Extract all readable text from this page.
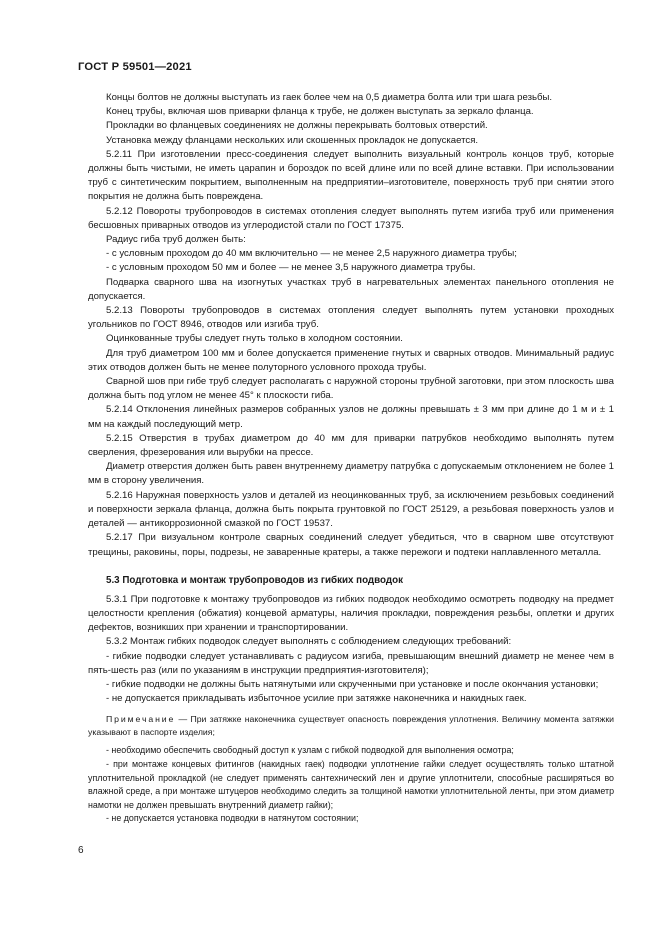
ГОСТ Р 59501—2021

Концы болтов не должны выступать из гаек более чем на 0,5 диаметра болта или три шага резьбы.

Конец трубы, включая шов приварки фланца к трубе, не должен выступать за зеркало фланца.

Прокладки во фланцевых соединениях не должны перекрывать болтовых отверстий.

Установка между фланцами нескольких или скошенных прокладок не допускается.

5.2.11 При изготовлении пресс-соединения следует выполнить визуальный контроль концов труб, которые должны быть чистыми, не иметь царапин и бороздок по всей длине или по всей длине вставки. При использовании труб с синтетическим покрытием, выполненным на предприятии–изготовителе, поверхность труб при снятии этого покрытия не должна быть повреждена.

5.2.12 Повороты трубопроводов в системах отопления следует выполнять путем изгиба труб или применения бесшовных приварных отводов из углеродистой стали по ГОСТ 17375.

Радиус гиба труб должен быть:

- с условным проходом до 40 мм включительно — не менее 2,5 наружного диаметра трубы;

- с условным проходом 50 мм и более — не менее 3,5 наружного диаметра трубы.

Подварка сварного шва на изогнутых участках труб в нагревательных элементах панельного отопления не допускается.

5.2.13 Повороты трубопроводов в системах отопления следует выполнять путем установки проходных угольников по ГОСТ 8946, отводов или изгиба труб.

Оцинкованные трубы следует гнуть только в холодном состоянии.

Для труб диаметром 100 мм и более допускается применение гнутых и сварных отводов. Минимальный радиус этих отводов должен быть не менее полуторного условного прохода трубы.

Сварной шов при гибе труб следует располагать с наружной стороны трубной заготовки, при этом плоскость шва должна быть под углом не менее 45° к плоскости гиба.

5.2.14 Отклонения линейных размеров собранных узлов не должны превышать ± 3 мм при длине до 1 м и ± 1 мм на каждый последующий метр.

5.2.15 Отверстия в трубах диаметром до 40 мм для приварки патрубков необходимо выполнять путем сверления, фрезерования или вырубки на прессе.

Диаметр отверстия должен быть равен внутреннему диаметру патрубка с допускаемым отклонением не более 1 мм в сторону увеличения.

5.2.16 Наружная поверхность узлов и деталей из неоцинкованных труб, за исключением резьбовых соединений и поверхности зеркала фланца, должна быть покрыта грунтовкой по ГОСТ 25129, а резьбовая поверхность узлов и деталей — антикоррозионной смазкой по ГОСТ 19537.

5.2.17 При визуальном контроле сварных соединений следует убедиться, что в сварном шве отсутствуют трещины, раковины, поры, подрезы, не заваренные кратеры, а также пережоги и подтеки наплавленного металла.

5.3 Подготовка и монтаж трубопроводов из гибких подводок

5.3.1 При подготовке к монтажу трубопроводов из гибких подводок необходимо осмотреть подводку на предмет целостности крепления (обжатия) концевой арматуры, наличия прокладки, повреждения резьбы, оплетки и других дефектов, возникших при хранении и транспортировании.

5.3.2 Монтаж гибких подводок следует выполнять с соблюдением следующих требований:

- гибкие подводки следует устанавливать с радиусом изгиба, превышающим внешний диаметр не менее чем в пять-шесть раз (или по указаниям в инструкции предприятия-изготовителя);

- гибкие подводки не должны быть натянутыми или скрученными при установке и после окончания установки;

- не допускается прикладывать избыточное усилие при затяжке наконечника и накидных гаек.

Примечание — При затяжке наконечника существует опасность повреждения уплотнения. Величину момента затяжки указывают в паспорте изделия;

- необходимо обеспечить свободный доступ к узлам с гибкой подводкой для выполнения осмотра;

- при монтаже концевых фитингов (накидных гаек) подводки уплотнение гайки следует осуществлять только штатной уплотнительной прокладкой (не следует применять сантехнический лен и другие уплотнители, способные расширяться во влажной среде, а при монтаже штуцеров необходимо следить за толщиной намотки уплотнительной ленты, при этом диаметр намотки не должен превышать внутренний диаметр гайки);

- не допускается установка подводки в натянутом состоянии;

6
